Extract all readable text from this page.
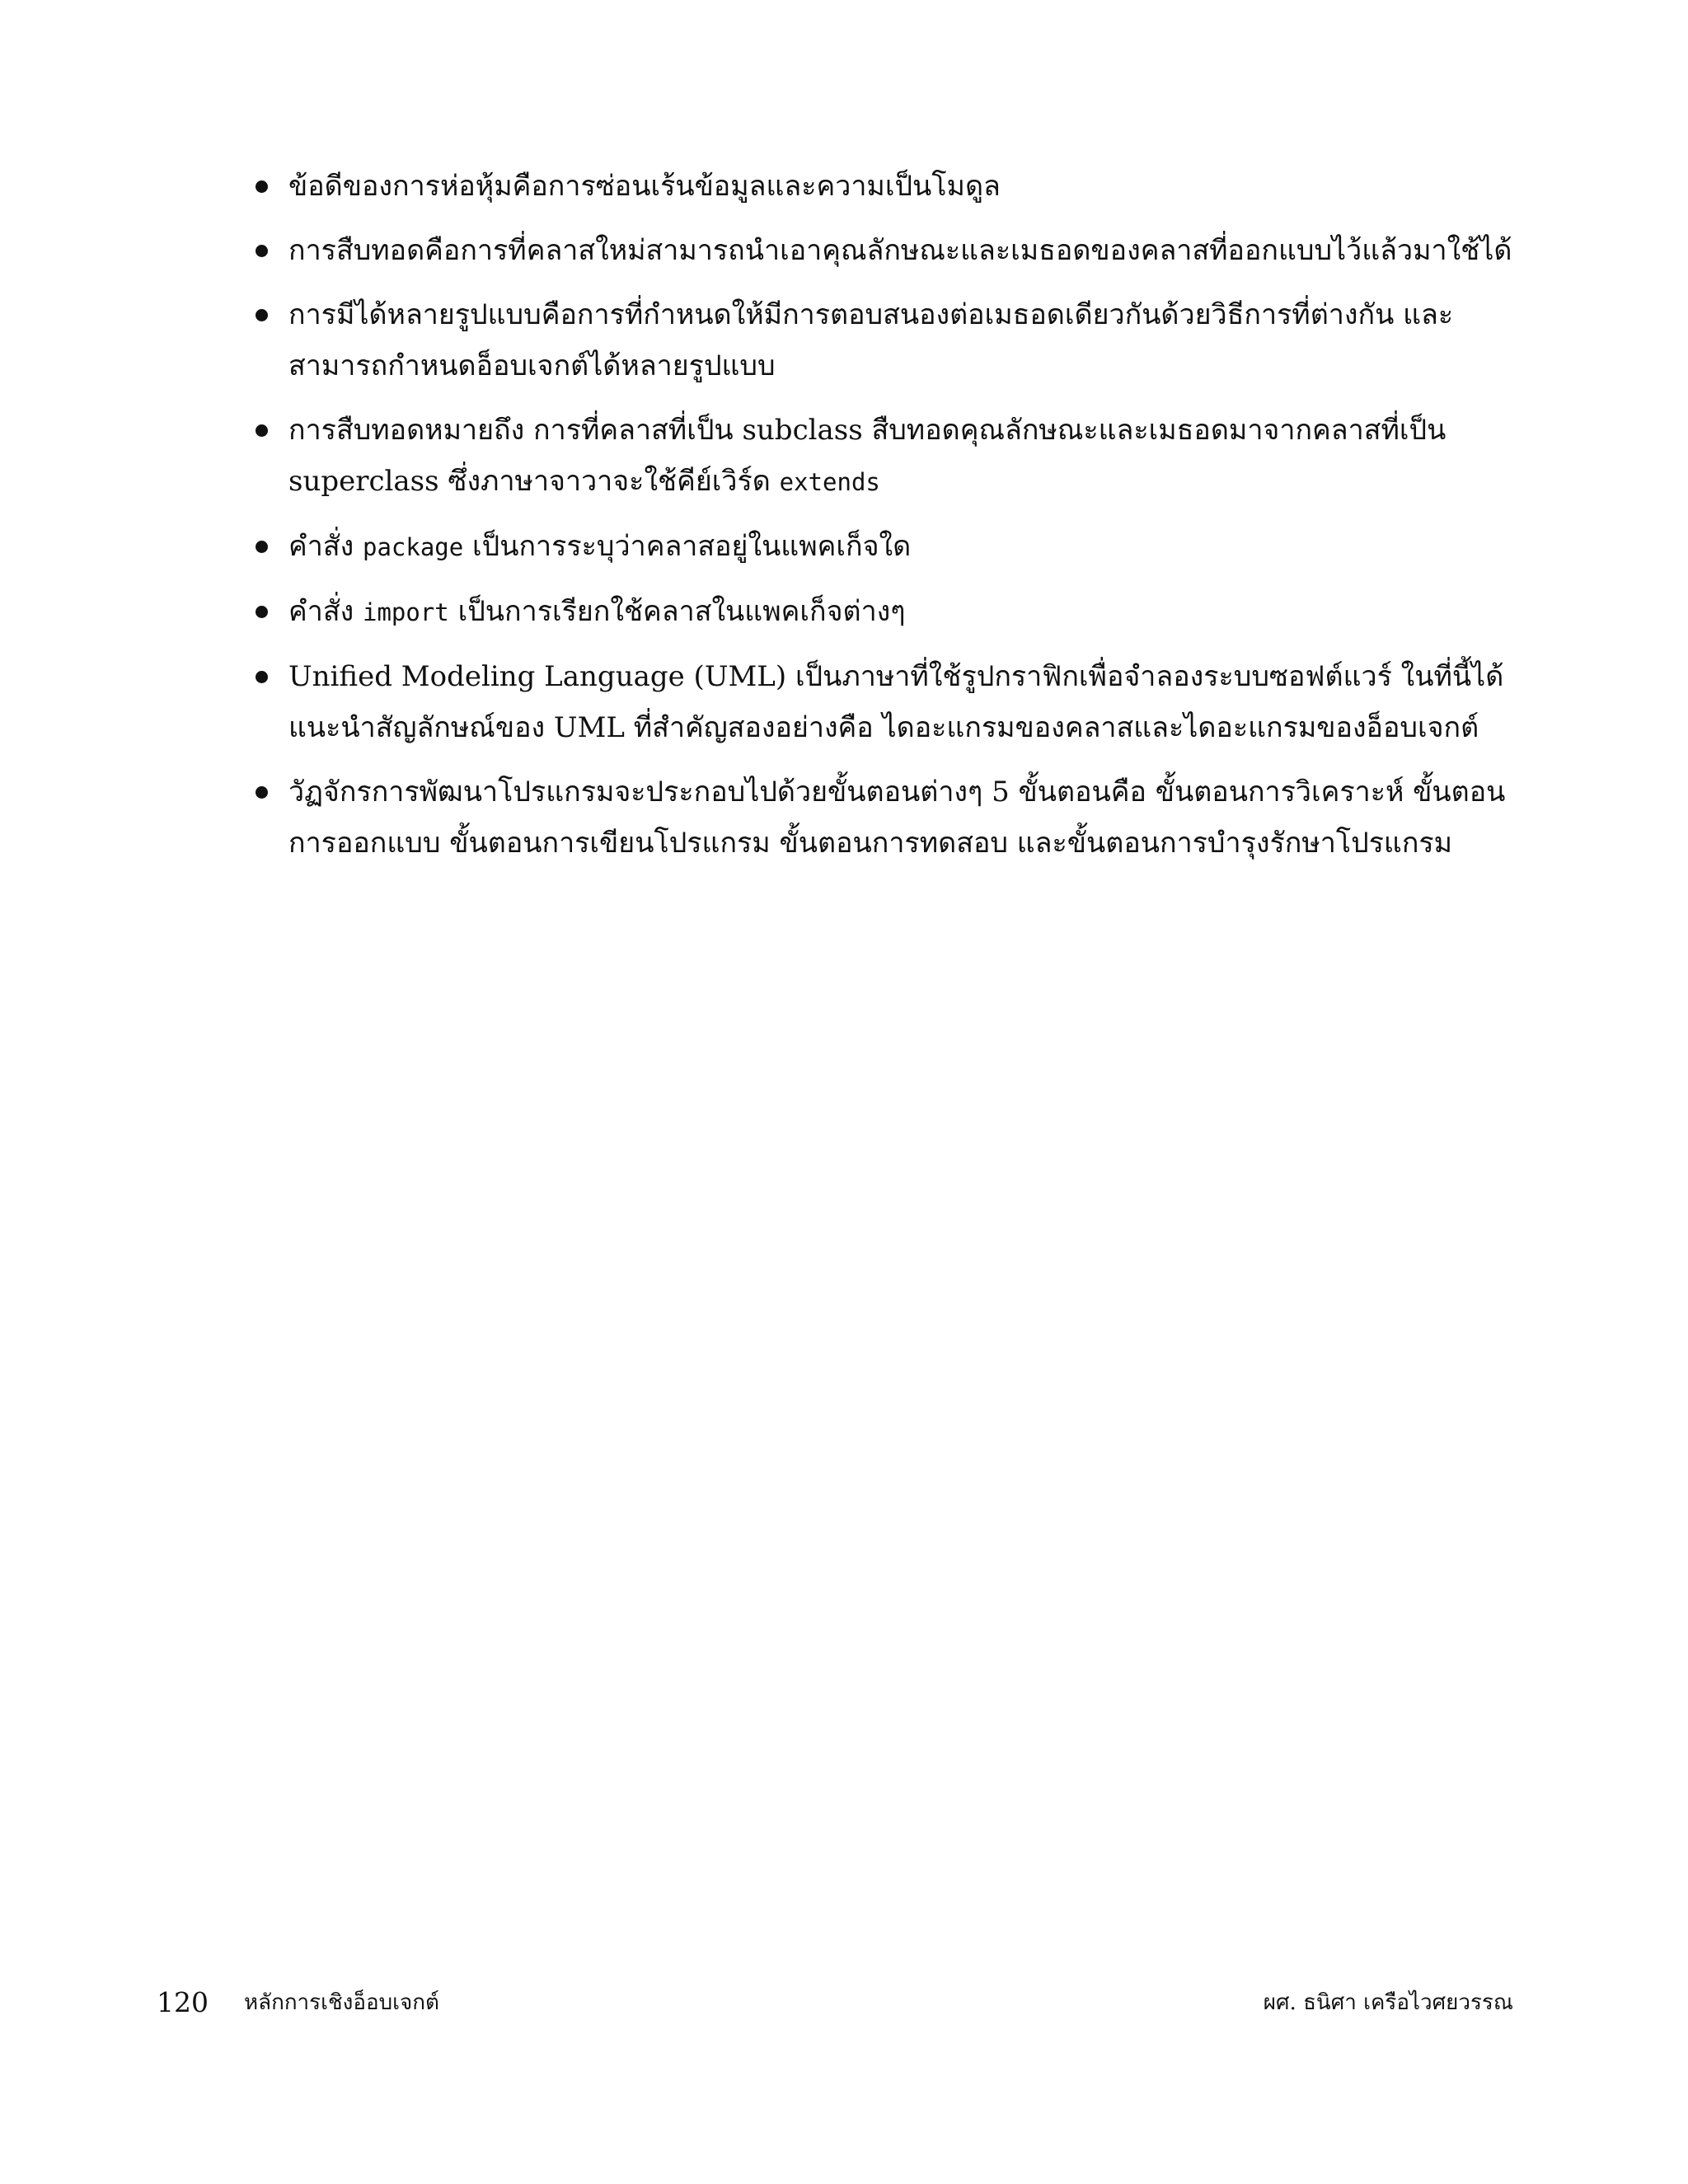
ข้อดีของการห่อหุ้มคือการซ่อนเร้นข้อมูลและความเป็นโมดูล
การสืบทอดคือการที่คลาสใหม่สามารถนำเอาคุณลักษณะและเมธอดของคลาสที่ออกแบบไว้แล้วมาใช้ได้
การมีได้หลายรูปแบบคือการที่กำหนดให้มีการตอบสนองต่อเมธอดเดียวกันด้วยวิธีการที่ต่างกัน และสามารถกำหนดอ็อบเจกต์ได้หลายรูปแบบ
การสืบทอดหมายถึง การที่คลาสที่เป็น subclass สืบทอดคุณลักษณะและเมธอดมาจากคลาสที่เป็น superclass ซึ่งภาษาจาวาจะใช้คีย์เวิร์ด extends
คำสั่ง package เป็นการระบุว่าคลาสอยู่ในแพคเก็จใด
คำสั่ง import เป็นการเรียกใช้คลาสในแพคเก็จต่างๆ
Unified Modeling Language (UML) เป็นภาษาที่ใช้รูปกราฟิกเพื่อจำลองระบบซอฟต์แวร์ ในที่นี้ได้แนะนำสัญลักษณ์ของ UML ที่สำคัญสองอย่างคือ ไดอะแกรมของคลาสและไดอะแกรมของอ็อบเจกต์
วัฏจักรการพัฒนาโปรแกรมจะประกอบไปด้วยขั้นตอนต่างๆ 5 ขั้นตอนคือ ขั้นตอนการวิเคราะห์ ขั้นตอนการออกแบบ ขั้นตอนการเขียนโปรแกรม ขั้นตอนการทดสอบ และขั้นตอนการบำรุงรักษาโปรแกรม
120 หลักการเชิงอ็อบเจกต์	ผศ. ธนิศา เครือไวศยวรรณ
